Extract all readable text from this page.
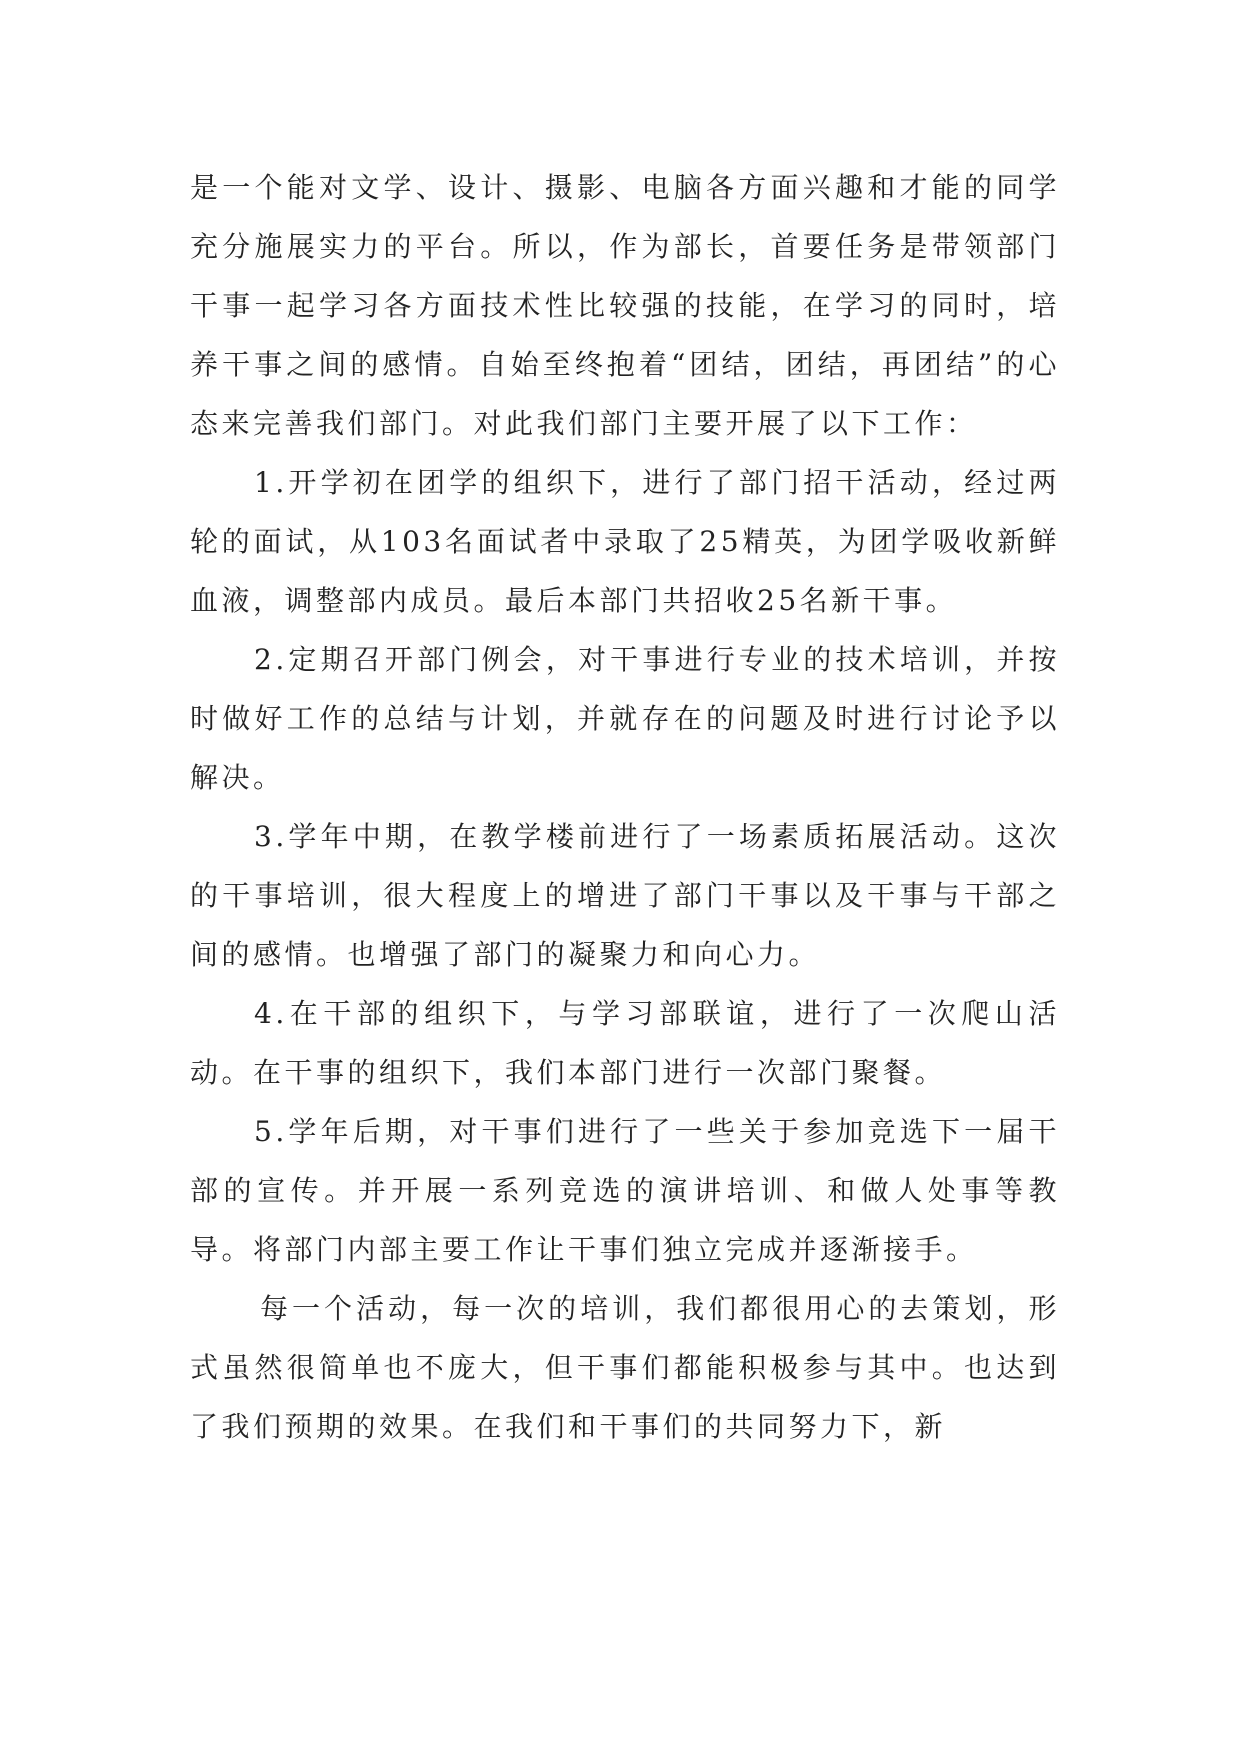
是一个能对文学、设计、摄影、电脑各方面兴趣和才能的同学充分施展实力的平台。所以，作为部长，首要任务是带领部门干事一起学习各方面技术性比较强的技能，在学习的同时，培养干事之间的感情。自始至终抱着“团结，团结，再团结”的心态来完善我们部门。对此我们部门主要开展了以下工作：

1.开学初在团学的组织下，进行了部门招干活动，经过两轮的面试，从103名面试者中录取了25精英，为团学吸收新鲜血液，调整部内成员。最后本部门共招收25名新干事。

2.定期召开部门例会，对干事进行专业的技术培训，并按时做好工作的总结与计划，并就存在的问题及时进行讨论予以解决。

3.学年中期，在教学楼前进行了一场素质拓展活动。这次的干事培训，很大程度上的增进了部门干事以及干事与干部之间的感情。也增强了部门的凝聚力和向心力。

4.在干部的组织下，与学习部联谊，进行了一次爬山活动。在干事的组织下，我们本部门进行一次部门聚餐。

5.学年后期，对干事们进行了一些关于参加竞选下一届干部的宣传。并开展一系列竞选的演讲培训、和做人处事等教导。将部门内部主要工作让干事们独立完成并逐渐接手。

每一个活动，每一次的培训，我们都很用心的去策划，形式虽然很简单也不庞大，但干事们都能积极参与其中。也达到了我们预期的效果。在我们和干事们的共同努力下，新
